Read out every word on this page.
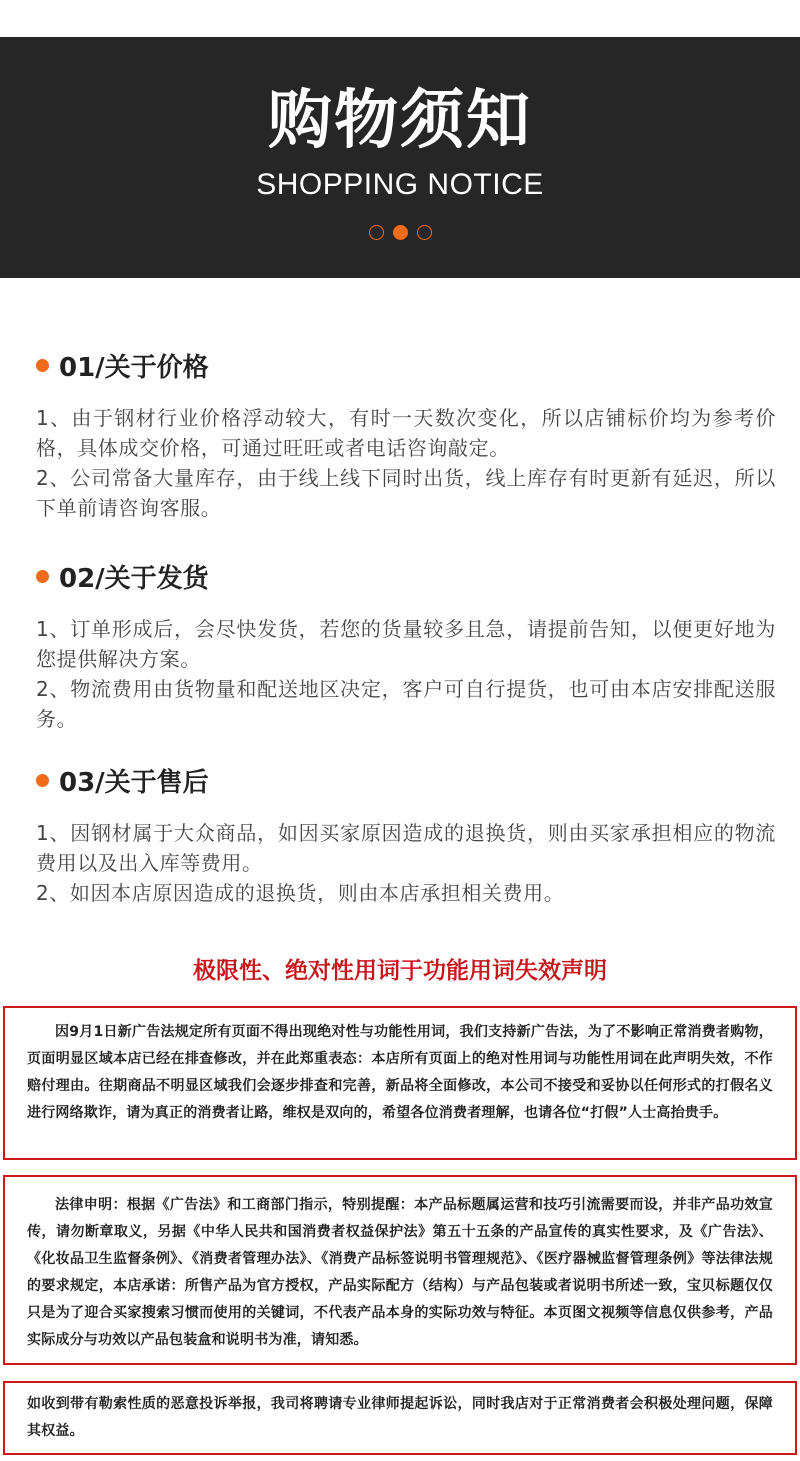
购物须知
SHOPPING NOTICE
01/关于价格

1、由于钢材行业价格浮动较大，有时一天数次变化，所以店铺标价均为参考价格，具体成交价格，可通过旺旺或者电话咨询敲定。

2、公司常备大量库存，由于线上线下同时出货，线上库存有时更新有延迟，所以下单前请咨询客服。

02/关于发货

1、订单形成后，会尽快发货，若您的货量较多且急，请提前告知，以便更好地为您提供解决方案。

2、物流费用由货物量和配送地区决定，客户可自行提货，也可由本店安排配送服务。

03/关于售后

1、因钢材属于大众商品，如因买家原因造成的退换货，则由买家承担相应的物流费用以及出入库等费用。

2、如因本店原因造成的退换货，则由本店承担相关费用。

极限性、绝对性用词于功能用词失效声明

因9月1日新广告法规定所有页面不得出现绝对性与功能性用词，我们支持新广告法，为了不影响正常消费者购物，页面明显区域本店已经在排查修改，并在此郑重表态：本店所有页面上的绝对性用词与功能性用词在此声明失效，不作赔付理由。往期商品不明显区域我们会逐步排查和完善，新品将全面修改，本公司不接受和妥协以任何形式的打假名义进行网络欺诈，请为真正的消费者让路，维权是双向的，希望各位消费者理解，也请各位“打假”人士高抬贵手。

法律申明：根据《广告法》和工商部门指示，特别提醒：本产品标题属运营和技巧引流需要而设，并非产品功效宣传，请勿断章取义，另据《中华人民共和国消费者权益保护法》第五十五条的产品宣传的真实性要求，及《广告法》、《化妆品卫生监督条例》、《消费者管理办法》、《消费产品标签说明书管理规范》、《医疗器械监督管理条例》等法律法规的要求规定，本店承诺：所售产品为官方授权，产品实际配方（结构）与产品包装或者说明书所述一致，宝贝标题仅仅只是为了迎合买家搜索习惯而使用的关键词，不代表产品本身的实际功效与特征。本页图文视频等信息仅供参考，产品实际成分与功效以产品包装盒和说明书为准，请知悉。

如收到带有勒索性质的恶意投诉举报，我司将聘请专业律师提起诉讼，同时我店对于正常消费者会积极处理问题，保障其权益。
